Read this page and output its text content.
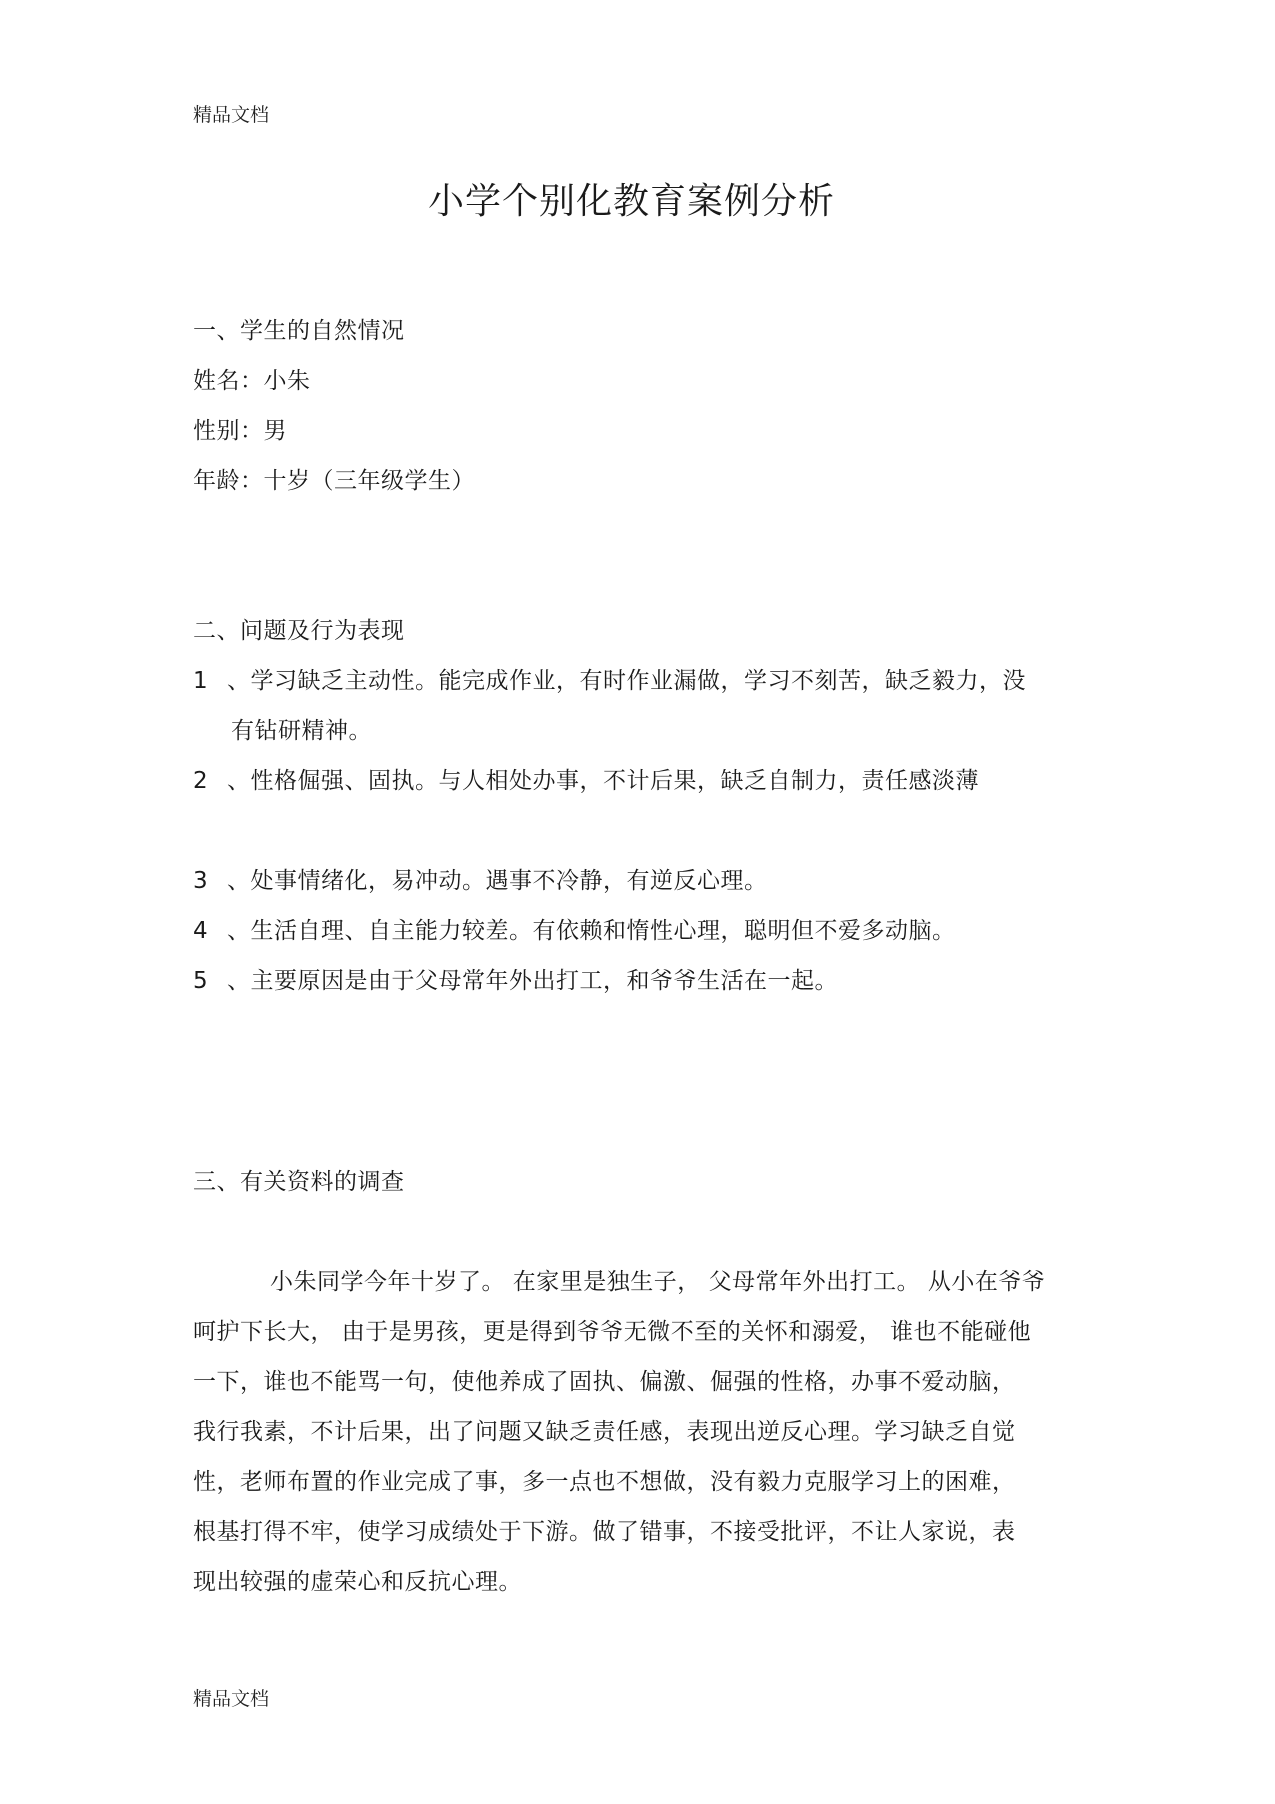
精品文档
小学个别化教育案例分析
一、学生的自然情况
姓名：小朱
性别：男
年龄：十岁（三年级学生）
二、问题及行为表现
1 、学习缺乏主动性。能完成作业，有时作业漏做，学习不刻苦，缺乏毅力，没
有钻研精神。
2 、性格倔强、固执。与人相处办事，不计后果，缺乏自制力，责任感淡薄
3 、处事情绪化，易冲动。遇事不冷静，有逆反心理。
4 、生活自理、自主能力较差。有依赖和惰性心理，聪明但不爱多动脑。
5 、主要原因是由于父母常年外出打工，和爷爷生活在一起。
三、有关资料的调查
小朱同学今年十岁了。 在家里是独生子， 父母常年外出打工。 从小在爷爷
呵护下长大， 由于是男孩，更是得到爷爷无微不至的关怀和溺爱， 谁也不能碰他
一下，谁也不能骂一句，使他养成了固执、偏激、倔强的性格，办事不爱动脑，
我行我素，不计后果，出了问题又缺乏责任感，表现出逆反心理。学习缺乏自觉
性，老师布置的作业完成了事，多一点也不想做，没有毅力克服学习上的困难，
根基打得不牢，使学习成绩处于下游。做了错事，不接受批评，不让人家说，表
现出较强的虚荣心和反抗心理。
精品文档
